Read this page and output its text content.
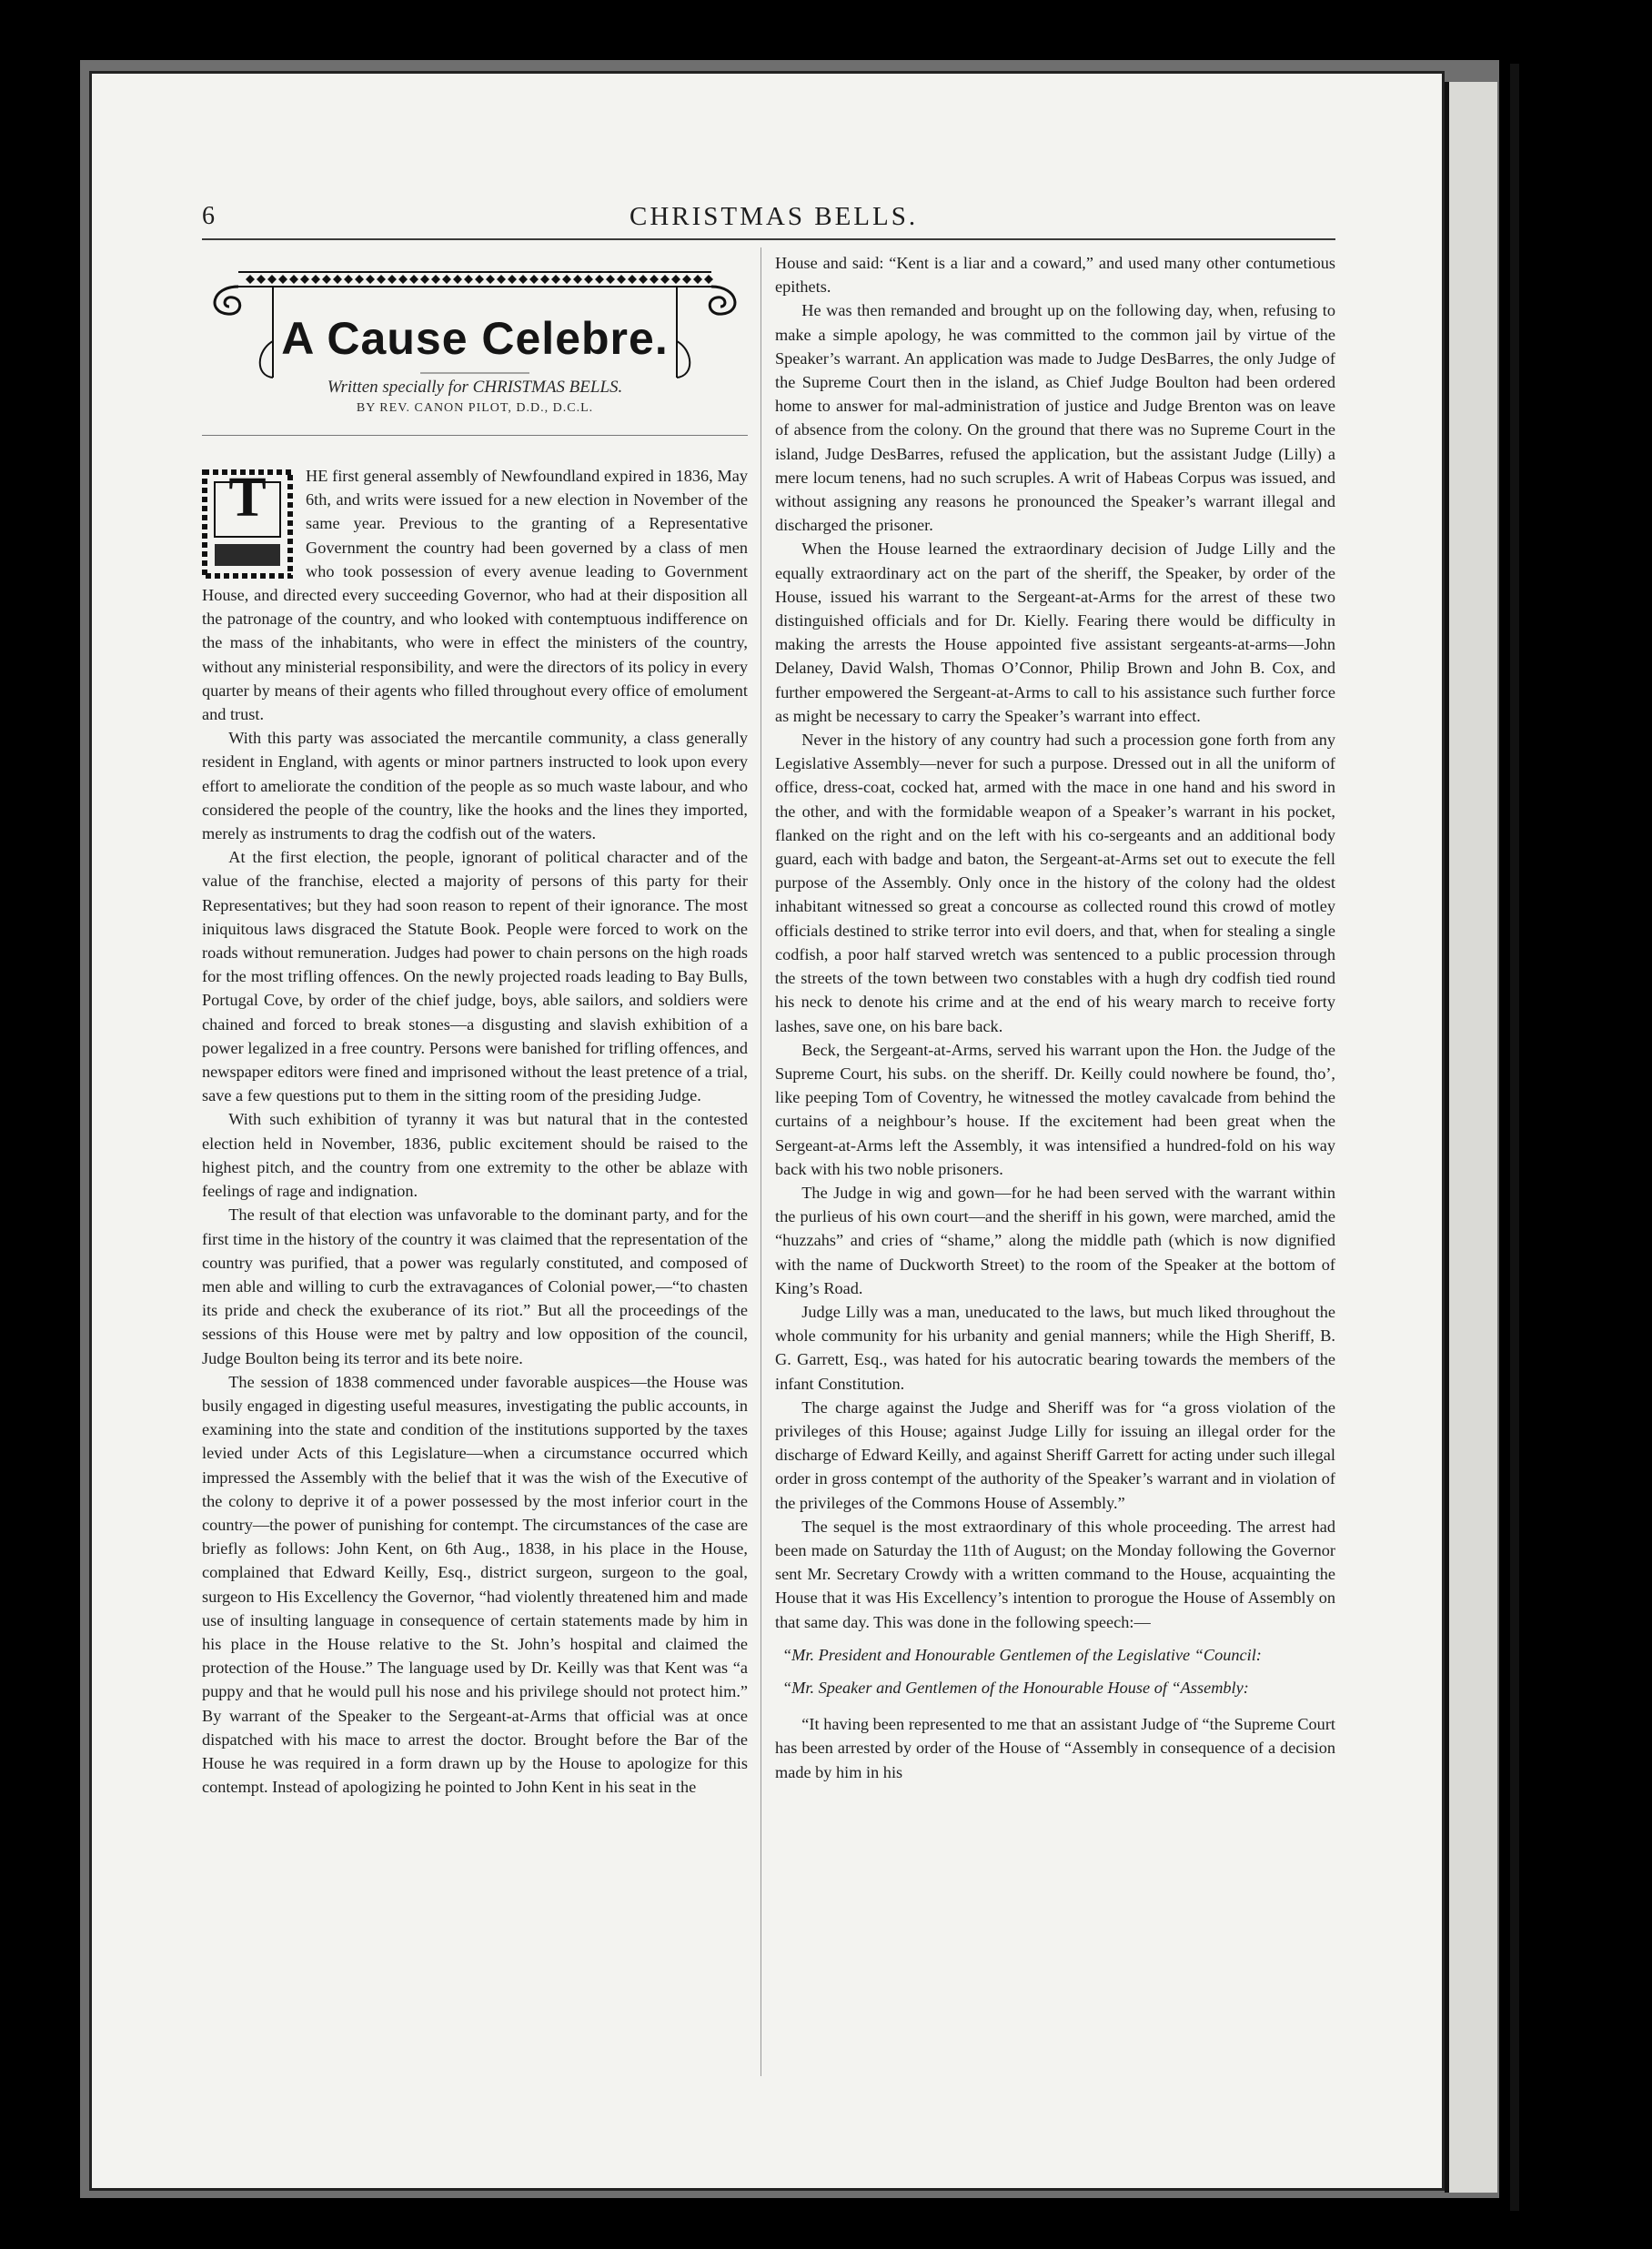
6	CHRISTMAS BELLS.
A Cause Celebre.
Written specially for CHRISTMAS BELLS.
BY REV. CANON PILOT, D.D., D.C.L.
T	HE first general assembly of Newfoundland expired in 1836, May 6th, and writs were issued for a new election in November of the same year. Previous to the granting of a Representative Government the country had been governed by a class of men who took possession of every avenue leading to Government House, and directed every succeeding Governor, who had at their disposition all the patronage of the country, and who looked with contemptuous indifference on the mass of the inhabitants, who were in effect the ministers of the country, without any ministerial responsibility, and were the directors of its policy in every quarter by means of their agents who filled throughout every office of emolument and trust.

With this party was associated the mercantile community, a class generally resident in England, with agents or minor partners instructed to look upon every effort to ameliorate the condition of the people as so much waste labour, and who considered the people of the country, like the hooks and the lines they imported, merely as instruments to drag the codfish out of the waters.

At the first election, the people, ignorant of political character and of the value of the franchise, elected a majority of persons of this party for their Representatives; but they had soon reason to repent of their ignorance. The most iniquitous laws disgraced the Statute Book. People were forced to work on the roads without remuneration. Judges had power to chain persons on the high roads for the most trifling offences. On the newly projected roads leading to Bay Bulls, Portugal Cove, by order of the chief judge, boys, able sailors, and soldiers were chained and forced to break stones—a disgusting and slavish exhibition of a power legalized in a free country. Persons were banished for trifling offences, and newspaper editors were fined and imprisoned without the least pretence of a trial, save a few questions put to them in the sitting room of the presiding Judge.

With such exhibition of tyranny it was but natural that in the contested election held in November, 1836, public excitement should be raised to the highest pitch, and the country from one extremity to the other be ablaze with feelings of rage and indignation.

The result of that election was unfavorable to the dominant party, and for the first time in the history of the country it was claimed that the representation of the country was purified, that a power was regularly constituted, and composed of men able and willing to curb the extravagances of Colonial power,—“to chasten its pride and check the exuberance of its riot.” But all the proceedings of the sessions of this House were met by paltry and low opposition of the council, Judge Boulton being its terror and its bete noire.

The session of 1838 commenced under favorable auspices—the House was busily engaged in digesting useful measures, investigating the public accounts, in examining into the state and condition of the institutions supported by the taxes levied under Acts of this Legislature—when a circumstance occurred which impressed the Assembly with the belief that it was the wish of the Executive of the colony to deprive it of a power possessed by the most inferior court in the country—the power of punishing for contempt. The circumstances of the case are briefly as follows: John Kent, on 6th Aug., 1838, in his place in the House, complained that Edward Keilly, Esq., district surgeon, surgeon to the goal, surgeon to His Excellency the Governor, “had violently threatened him and made use of insulting language in consequence of certain statements made by him in his place in the House relative to the St. John’s hospital and claimed the protection of the House.” The language used by Dr. Keilly was that Kent was “a puppy and that he would pull his nose and his privilege should not protect him.” By warrant of the Speaker to the Sergeant-at-Arms that official was at once dispatched with his mace to arrest the doctor. Brought before the Bar of the House he was required in a form drawn up by the House to apologize for this contempt. Instead of apologizing he pointed to John Kent in his seat in the

House and said: “Kent is a liar and a coward,” and used many other contumetious epithets.

He was then remanded and brought up on the following day, when, refusing to make a simple apology, he was committed to the common jail by virtue of the Speaker’s warrant. An application was made to Judge DesBarres, the only Judge of the Supreme Court then in the island, as Chief Judge Boulton had been ordered home to answer for mal-administration of justice and Judge Brenton was on leave of absence from the colony. On the ground that there was no Supreme Court in the island, Judge DesBarres, refused the application, but the assistant Judge (Lilly) a mere locum tenens, had no such scruples. A writ of Habeas Corpus was issued, and without assigning any reasons he pronounced the Speaker’s warrant illegal and discharged the prisoner.

When the House learned the extraordinary decision of Judge Lilly and the equally extraordinary act on the part of the sheriff, the Speaker, by order of the House, issued his warrant to the Sergeant-at-Arms for the arrest of these two distinguished officials and for Dr. Kielly. Fearing there would be difficulty in making the arrests the House appointed five assistant sergeants-at-arms—John Delaney, David Walsh, Thomas O’Connor, Philip Brown and John B. Cox, and further empowered the Sergeant-at-Arms to call to his assistance such further force as might be necessary to carry the Speaker’s warrant into effect.

Never in the history of any country had such a procession gone forth from any Legislative Assembly—never for such a purpose. Dressed out in all the uniform of office, dress-coat, cocked hat, armed with the mace in one hand and his sword in the other, and with the formidable weapon of a Speaker’s warrant in his pocket, flanked on the right and on the left with his co-sergeants and an additional body guard, each with badge and baton, the Sergeant-at-Arms set out to execute the fell purpose of the Assembly. Only once in the history of the colony had the oldest inhabitant witnessed so great a concourse as collected round this crowd of motley officials destined to strike terror into evil doers, and that, when for stealing a single codfish, a poor half starved wretch was sentenced to a public procession through the streets of the town between two constables with a hugh dry codfish tied round his neck to denote his crime and at the end of his weary march to receive forty lashes, save one, on his bare back.

Beck, the Sergeant-at-Arms, served his warrant upon the Hon. the Judge of the Supreme Court, his subs. on the sheriff. Dr. Keilly could nowhere be found, tho’, like peeping Tom of Coventry, he witnessed the motley cavalcade from behind the curtains of a neighbour’s house. If the excitement had been great when the Sergeant-at-Arms left the Assembly, it was intensified a hundred-fold on his way back with his two noble prisoners.

The Judge in wig and gown—for he had been served with the warrant within the purlieus of his own court—and the sheriff in his gown, were marched, amid the “huzzahs” and cries of “shame,” along the middle path (which is now dignified with the name of Duckworth Street) to the room of the Speaker at the bottom of King’s Road.

Judge Lilly was a man, uneducated to the laws, but much liked throughout the whole community for his urbanity and genial manners; while the High Sheriff, B. G. Garrett, Esq., was hated for his autocratic bearing towards the members of the infant Constitution.

The charge against the Judge and Sheriff was for “a gross violation of the privileges of this House; against Judge Lilly for issuing an illegal order for the discharge of Edward Keilly, and against Sheriff Garrett for acting under such illegal order in gross contempt of the authority of the Speaker’s warrant and in violation of the privileges of the Commons House of Assembly.”

The sequel is the most extraordinary of this whole proceeding. The arrest had been made on Saturday the 11th of August; on the Monday following the Governor sent Mr. Secretary Crowdy with a written command to the House, acquainting the House that it was His Excellency’s intention to prorogue the House of Assembly on that same day. This was done in the following speech:—

“Mr. President and Honourable Gentlemen of the Legislative “Council:

“Mr. Speaker and Gentlemen of the Honourable House of “Assembly:

“It having been represented to me that an assistant Judge of “the Supreme Court has been arrested by order of the House of “Assembly in consequence of a decision made by him in his
